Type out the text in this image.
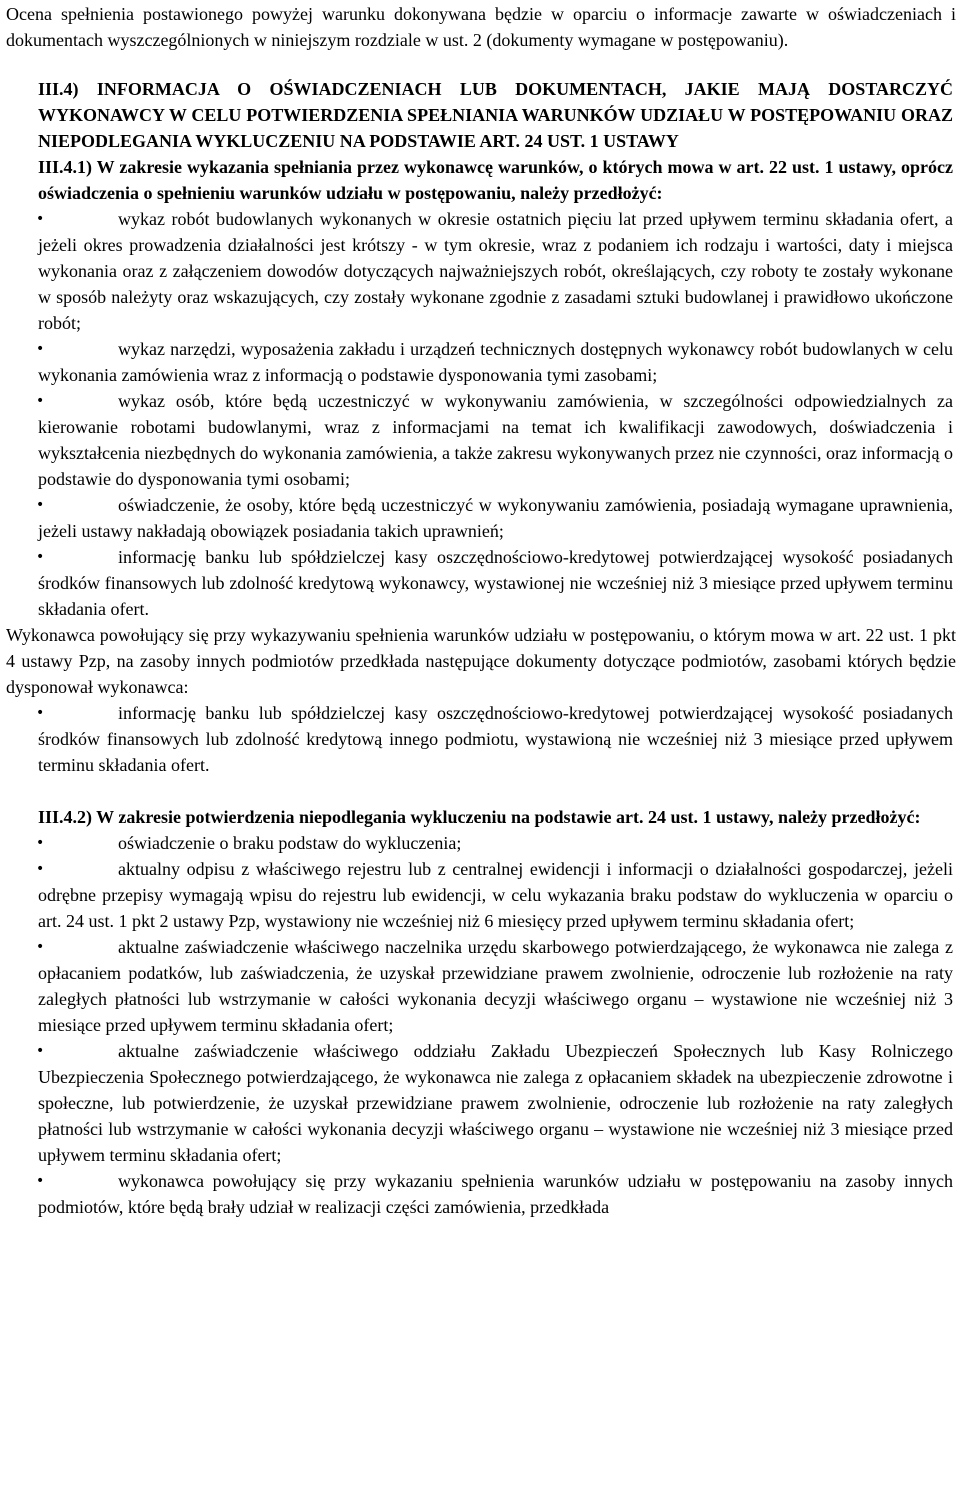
Ocena spełnienia postawionego powyżej warunku dokonywana będzie w oparciu o informacje zawarte w oświadczeniach i dokumentach wyszczególnionych w niniejszym rozdziale w ust. 2 (dokumenty wymagane w postępowaniu).

III.4) INFORMACJA O OŚWIADCZENIACH LUB DOKUMENTACH, JAKIE MAJĄ DOSTARCZYĆ WYKONAWCY W CELU POTWIERDZENIA SPEŁNIANIA WARUNKÓW UDZIAŁU W POSTĘPOWANIU ORAZ NIEPODLEGANIA WYKLUCZENIU NA PODSTAWIE ART. 24 UST. 1 USTAWY

III.4.1) W zakresie wykazania spełniania przez wykonawcę warunków, o których mowa w art. 22 ust. 1 ustawy, oprócz oświadczenia o spełnieniu warunków udziału w postępowaniu, należy przedłożyć:

•	wykaz robót budowlanych wykonanych w okresie ostatnich pięciu lat przed upływem terminu składania ofert, a jeżeli okres prowadzenia działalności jest krótszy - w tym okresie, wraz z podaniem ich rodzaju i wartości, daty i miejsca wykonania oraz z załączeniem dowodów dotyczących najważniejszych robót, określających, czy roboty te zostały wykonane w sposób należyty oraz wskazujących, czy zostały wykonane zgodnie z zasadami sztuki budowlanej i prawidłowo ukończone robót;
•	wykaz narzędzi, wyposażenia zakładu i urządzeń technicznych dostępnych wykonawcy robót budowlanych w celu wykonania zamówienia wraz z informacją o podstawie dysponowania tymi zasobami;
•	wykaz osób, które będą uczestniczyć w wykonywaniu zamówienia, w szczególności odpowiedzialnych za kierowanie robotami budowlanymi, wraz z informacjami na temat ich kwalifikacji zawodowych, doświadczenia i wykształcenia niezbędnych do wykonania zamówienia, a także zakresu wykonywanych przez nie czynności, oraz informacją o podstawie do dysponowania tymi osobami;
•	oświadczenie, że osoby, które będą uczestniczyć w wykonywaniu zamówienia, posiadają wymagane uprawnienia, jeżeli ustawy nakładają obowiązek posiadania takich uprawnień;
•	informację banku lub spółdzielczej kasy oszczędnościowo-kredytowej potwierdzającej wysokość posiadanych środków finansowych lub zdolność kredytową wykonawcy, wystawionej nie wcześniej niż 3 miesiące przed upływem terminu składania ofert.

Wykonawca powołujący się przy wykazywaniu spełnienia warunków udziału w postępowaniu, o którym mowa w art. 22 ust. 1 pkt 4 ustawy Pzp, na zasoby innych podmiotów przedkłada następujące dokumenty dotyczące podmiotów, zasobami których będzie dysponował wykonawca:

•	informację banku lub spółdzielczej kasy oszczędnościowo-kredytowej potwierdzającej wysokość posiadanych środków finansowych lub zdolność kredytową innego podmiotu, wystawioną nie wcześniej niż 3 miesiące przed upływem terminu składania ofert.

III.4.2) W zakresie potwierdzenia niepodlegania wykluczeniu na podstawie art. 24 ust. 1 ustawy, należy przedłożyć:

•	oświadczenie o braku podstaw do wykluczenia;
•	aktualny odpisu z właściwego rejestru lub z centralnej ewidencji i informacji o działalności gospodarczej, jeżeli odrębne przepisy wymagają wpisu do rejestru lub ewidencji, w celu wykazania braku podstaw do wykluczenia w oparciu o art. 24 ust. 1 pkt 2 ustawy Pzp, wystawiony nie wcześniej niż 6 miesięcy przed upływem terminu składania ofert;
•	aktualne zaświadczenie właściwego naczelnika urzędu skarbowego potwierdzającego, że wykonawca nie zalega z opłacaniem podatków, lub zaświadczenia, że uzyskał przewidziane prawem zwolnienie, odroczenie lub rozłożenie na raty zaległych płatności lub wstrzymanie w całości wykonania decyzji właściwego organu – wystawione nie wcześniej niż 3 miesiące przed upływem terminu składania ofert;
•	aktualne zaświadczenie właściwego oddziału Zakładu Ubezpieczeń Społecznych lub Kasy Rolniczego Ubezpieczenia Społecznego potwierdzającego, że wykonawca nie zalega z opłacaniem składek na ubezpieczenie zdrowotne i społeczne, lub potwierdzenie, że uzyskał przewidziane prawem zwolnienie, odroczenie lub rozłożenie na raty zaległych płatności lub wstrzymanie w całości wykonania decyzji właściwego organu – wystawione nie wcześniej niż 3 miesiące przed upływem terminu składania ofert;
•	wykonawca powołujący się przy wykazaniu spełnienia warunków udziału w postępowaniu na zasoby innych podmiotów, które będą brały udział w realizacji części zamówienia, przedkłada
